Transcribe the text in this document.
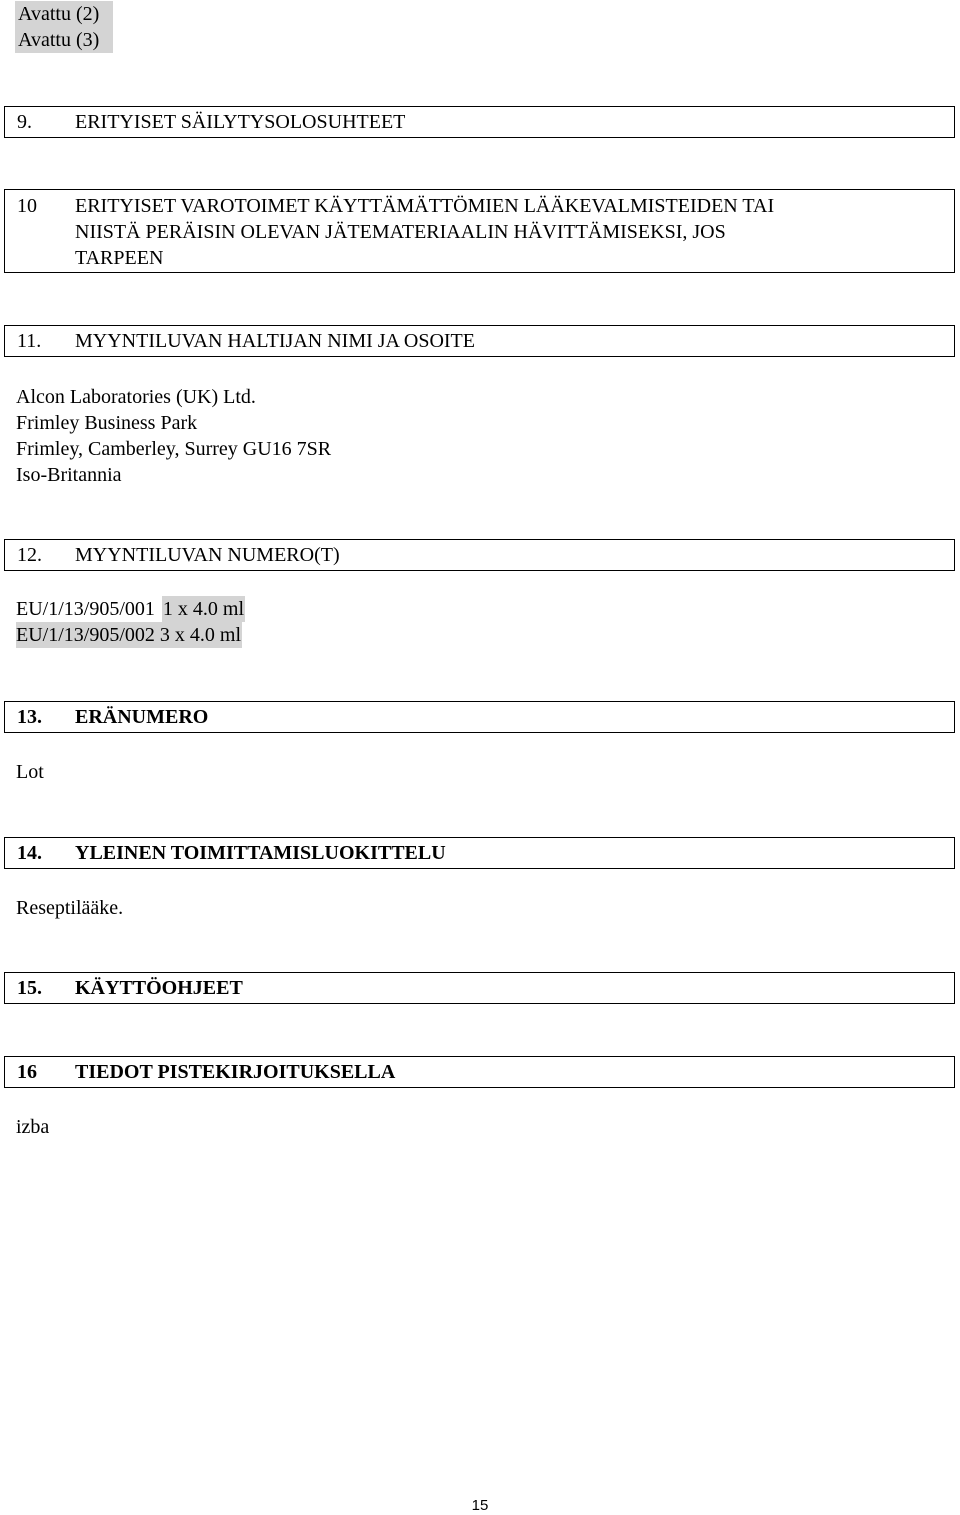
Avattu (2)
Avattu (3)
9. ERITYISET SÄILYTYSOLOSUHTEET
10 ERITYISET VAROTOIMET KÄYTTÄMÄTTÖMIEN LÄÄKEVALMISTEIDEN TAI
NIISTÄ PERÄISIN OLEVAN JÄTEMATERIAALIN HÄVITTÄMISEKSI, JOS
TARPEEN
11. MYYNTILUVAN HALTIJAN NIMI JA OSOITE
Alcon Laboratories (UK) Ltd.
Frimley Business Park
Frimley, Camberley, Surrey GU16 7SR
Iso-Britannia
12. MYYNTILUVAN NUMERO(T)
EU/1/13/905/001 1 x 4.0 ml
EU/1/13/905/002 3 x 4.0 ml
13. ERÄNUMERO
Lot
14. YLEINEN TOIMITTAMISLUOKITTELU
Reseptilääke.
15. KÄYTTÖOHJEET
16 TIEDOT PISTEKIRJOITUKSELLA
izba
15
